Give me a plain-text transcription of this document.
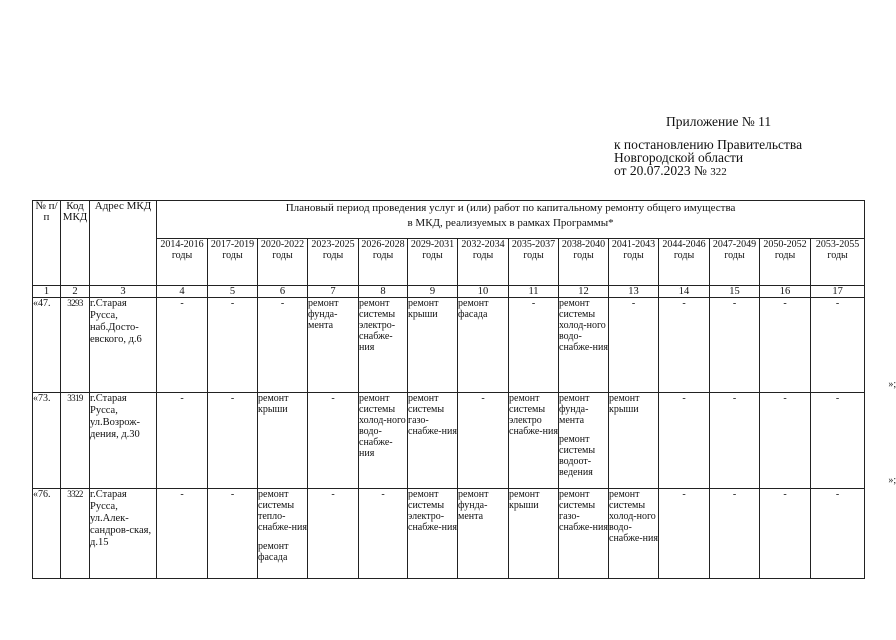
Приложение № 11
к постановлению Правительства
Новгородской области
от 20.07.2023 № 322
№ п/п	Код МКД	Адрес МКД	Плановый период проведения услуг и (или) работ по капитальному ремонту общего имущества
в МКД, реализуемых в рамках Программы*													

			2014-2016 годы	2017-2019 годы	2020-2022 годы	2023-2025 годы	2026-2028 годы	2029-2031 годы	2032-2034 годы	2035-2037 годы	2038-2040 годы	2041-2043 годы	2044-2046 годы	2047-2049 годы	2050-2052 годы	2053-2055 годы
1	2	3	4	5	6	7	8	9	10	11	12	13	14	15	16	17
«47.	3293	г.Старая Русса, наб.Досто-евского, д.6	-	-	-	ремонт фунда-мента	ремонт системы электро-снабже-ния	ремонт крыши	ремонт фасада	-	ремонт системы холод-ного водо-снабже-ния	-	-	-	-	-
»;

«73.	3319	г.Старая Русса, ул.Возрож-дения, д.30	-	-	ремонт крыши	-	ремонт системы холод-ного водо-снабже-ния	ремонт системы газо-снабже-ния	-	ремонт системы электро снабже-ния	ремонт фунда-мента
ремонт системы водоот-ведения	ремонт крыши	-	-	-	-
»;

«76.	3322	г.Старая Русса, ул.Алек-сандров-ская, д.15	-	-	ремонт системы тепло-снабже-ния
ремонт фасада	-	-	ремонт системы электро-снабже-ния	ремонт фунда-мента	ремонт крыши	ремонт системы газо-снабже-ния	ремонт системы холод-ного водо-снабже-ния	-	-	-	-
